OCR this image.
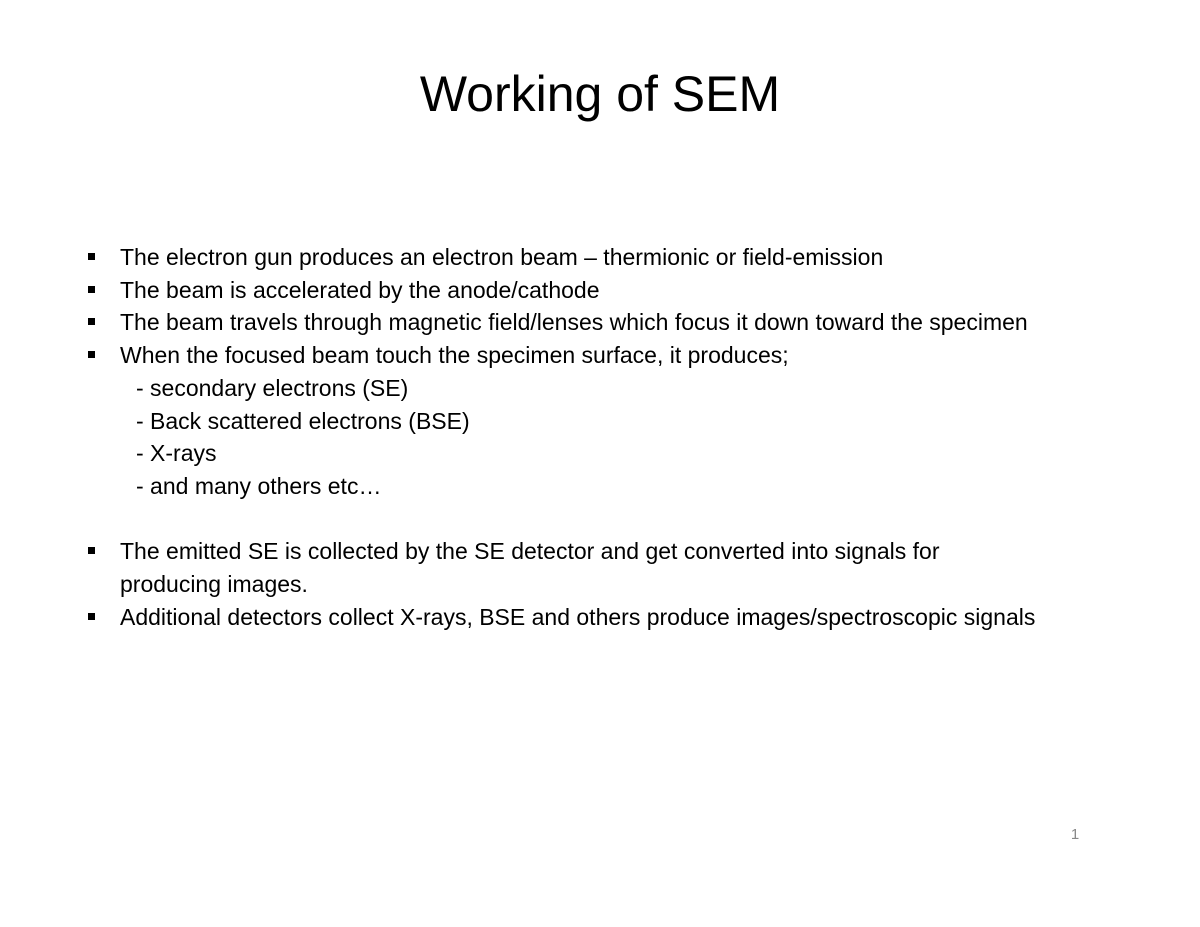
Working of SEM
The electron gun produces an electron beam – thermionic or field-emission
The beam is accelerated by the anode/cathode
The beam travels through magnetic field/lenses which focus it down toward the specimen
When the focused beam touch the specimen surface, it produces;
- secondary electrons (SE)
- Back scattered electrons (BSE)
- X-rays
- and many others etc…
The emitted SE is collected by the SE detector and get converted into signals for producing images.
Additional detectors collect X-rays, BSE and others produce images/spectroscopic signals
1
